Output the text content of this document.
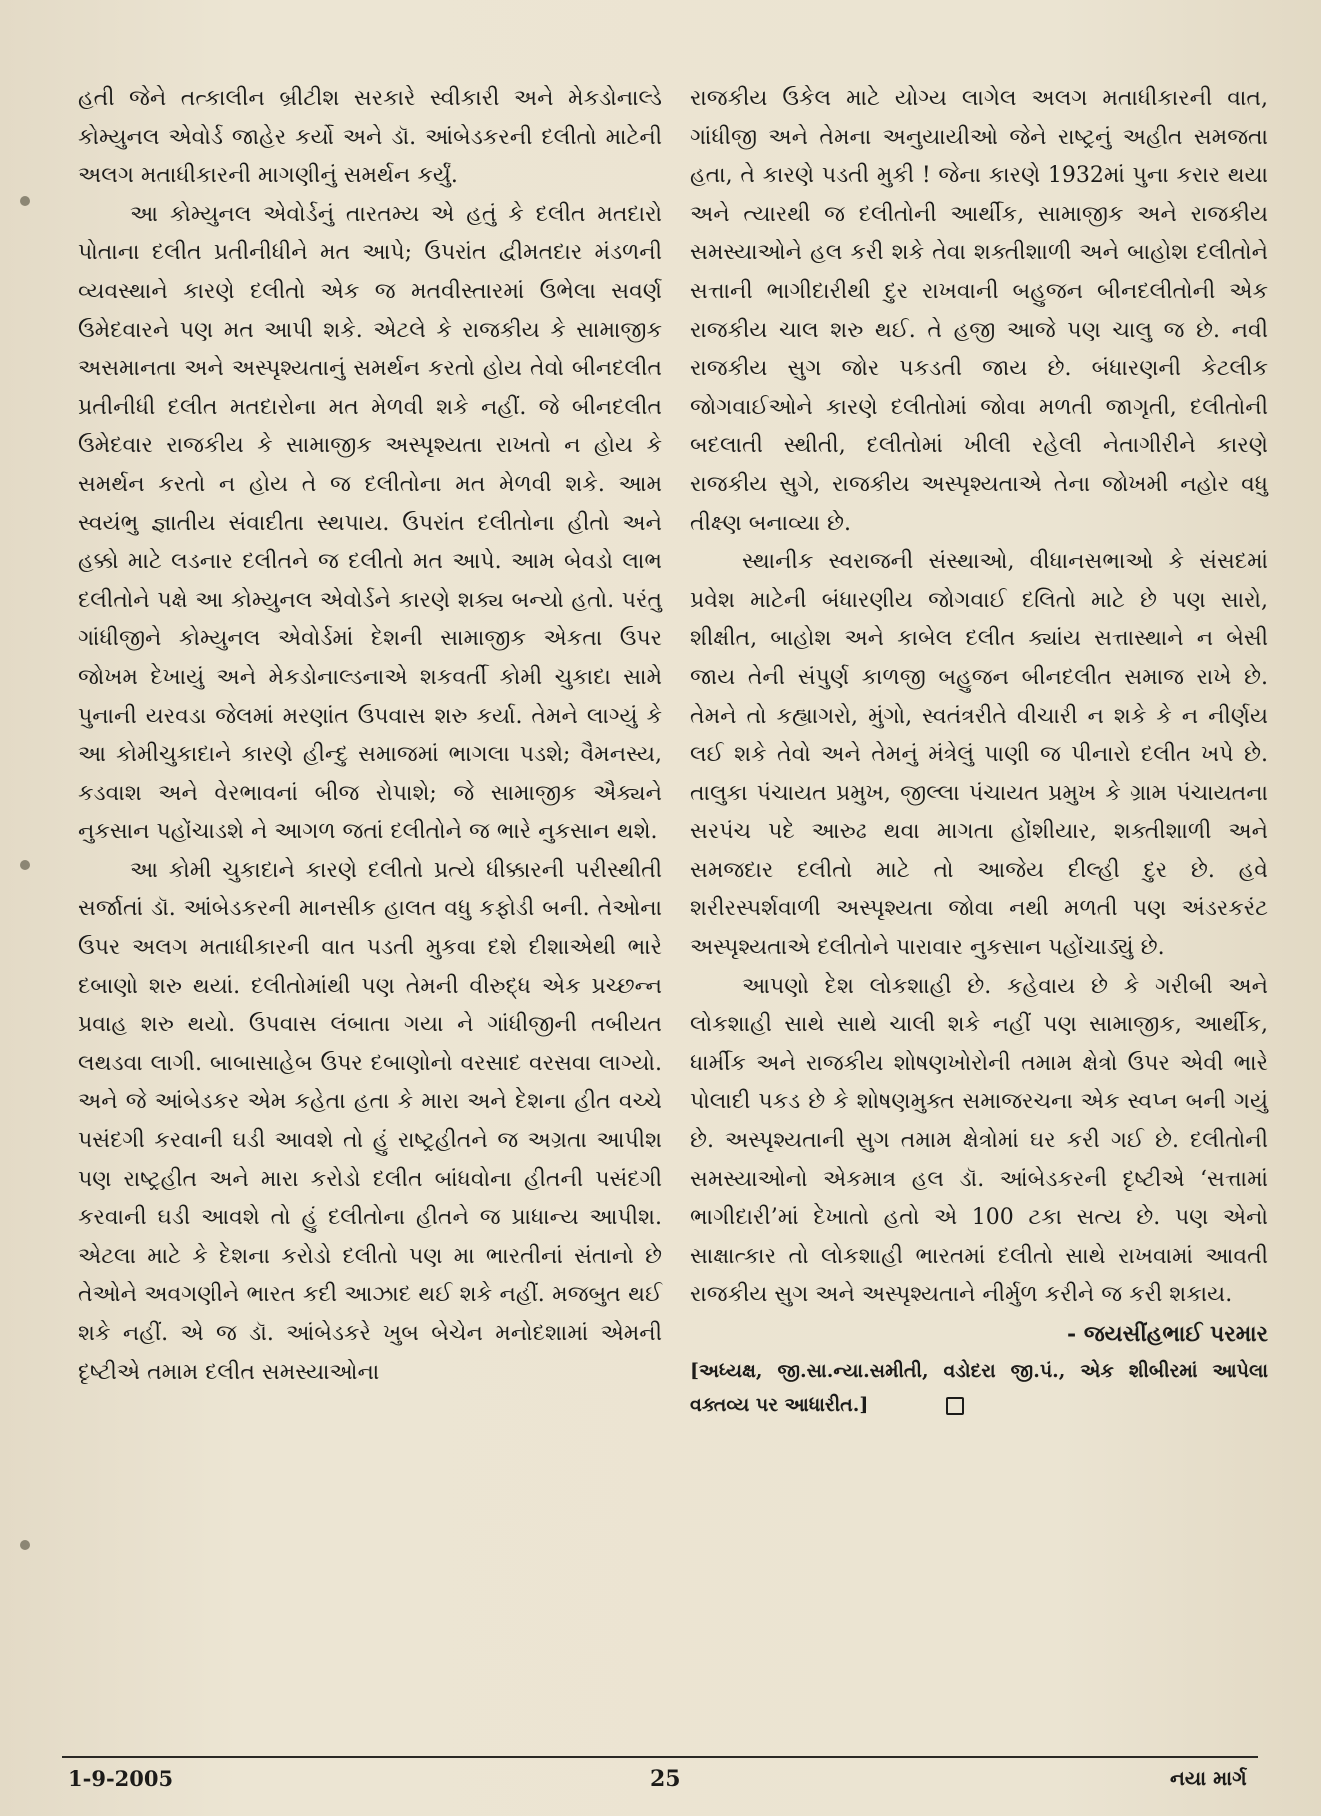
હતી જેને તત્કાલીન બ્રીટીશ સરકારે સ્વીકારી અને મેકડોનાલ્ડે કોમ્યુનલ એવોર્ડ જાહેર કર્યો અને ડૉ. આંબેડકરની દલીતો માટેની અલગ મતાધીકારની માગણીનું સમર્થન કર્યું.

આ કોમ્યુનલ એવોર્ડનું તારતમ્ય એ હતું કે દલીત મતદારો પોતાના દલીત પ્રતીનીધીને મત આપે; ઉપરાંત દ્વીમતદાર મંડળની વ્યવસ્થાને કારણે દલીતો એક જ મતવીસ્તારમાં ઉભેલા સવર્ણ ઉમેદવારને પણ મત આપી શકે. એટલે કે રાજકીય કે સામાજીક અસમાનતા અને અસ્પૃશ્યતાનું સમર્થન કરતો હોય તેવો બીનદલીત પ્રતીનીધી દલીત મતદારોના મત મેળવી શકે નહીં. જે બીનદલીત ઉમેદવાર રાજકીય કે સામાજીક અસ્પૃશ્યતા રાખતો ન હોય કે સમર્થન કરતો ન હોય તે જ દલીતોના મત મેળવી શકે. આમ સ્વયંભુ જ્ઞાતીય સંવાદીતા સ્થપાય. ઉપરાંત દલીતોના હીતો અને હક્કો માટે લડનાર દલીતને જ દલીતો મત આપે. આમ બેવડો લાભ દલીતોને પક્ષે આ કોમ્યુનલ એવોર્ડને કારણે શક્ય બન્યો હતો. પરંતુ ગાંધીજીને કોમ્યુનલ એવોર્ડમાં દેશની સામાજીક એકતા ઉપર જોખમ દેખાયું અને મેકડોનાલ્ડનાએ શકવર્તી કોમી ચુકાદા સામે પુનાની યરવડા જેલમાં મરણાંત ઉપવાસ શરુ કર્યા. તેમને લાગ્યું કે આ કોમીચુકાદાને કારણે હીન્દુ સમાજમાં ભાગલા પડશે; વૈમનસ્ય, કડવાશ અને વેરભાવનાં બીજ રોપાશે; જે સામાજીક ઐક્યને નુકસાન પહોંચાડશે ને આગળ જતાં દલીતોને જ ભારે નુકસાન થશે.

આ કોમી ચુકાદાને કારણે દલીતો પ્રત્યે ધીક્કારની પરીસ્થીતી સર્જાતાં ડૉ. આંબેડકરની માનસીક હાલત વધુ કફોડી બની. તેઓના ઉપર અલગ મતાધીકારની વાત પડતી મુકવા દશે દીશાએથી ભારે દબાણો શરુ થયાં. દલીતોમાંથી પણ તેમની વીરુદ્ધ એક પ્રચ્છન્ન પ્રવાહ શરુ થયો. ઉપવાસ લંબાતા ગયા ને ગાંધીજીની તબીયત લથડવા લાગી. બાબાસાહેબ ઉપર દબાણોનો વરસાદ વરસવા લાગ્યો. અને જે આંબેડકર એમ કહેતા હતા કે મારા અને દેશના હીત વચ્ચે પસંદગી કરવાની ઘડી આવશે તો હું રાષ્ટ્રહીતને જ અગ્રતા આપીશ પણ રાષ્ટ્રહીત અને મારા કરોડો દલીત બાંધવોના હીતની પસંદગી કરવાની ઘડી આવશે તો હું દલીતોના હીતને જ પ્રાધાન્ય આપીશ. એટલા માટે કે દેશના કરોડો દલીતો પણ મા ભારતીનાં સંતાનો છે તેઓને અવગણીને ભારત કદી આઝાદ થઈ શકે નહીં. મજબુત થઈ શકે નહીં. એ જ ડૉ. આંબેડકરે ખુબ બેચેન મનોદશામાં એમની દૃષ્ટીએ તમામ દલીત સમસ્યાઓના

રાજકીય ઉકેલ માટે યોગ્ય લાગેલ અલગ મતાધીકારની વાત, ગાંધીજી અને તેમના અનુયાયીઓ જેને રાષ્ટ્રનું અહીત સમજતા હતા, તે કારણે પડતી મુકી ! જેના કારણે 1932માં પુના કરાર થયા અને ત્યારથી જ દલીતોની આર્થીક, સામાજીક અને રાજકીય સમસ્યાઓને હલ કરી શકે તેવા શક્તીશાળી અને બાહોશ દલીતોને સત્તાની ભાગીદારીથી દુર રાખવાની બહુજન બીનદલીતોની એક રાજકીય ચાલ શરુ થઈ. તે હજી આજે પણ ચાલુ જ છે. નવી રાજકીય સુગ જોર પકડતી જાય છે. બંધારણની કેટલીક જોગવાઈઓને કારણે દલીતોમાં જોવા મળતી જાગૃતી, દલીતોની બદલાતી સ્થીતી, દલીતોમાં ખીલી રહેલી નેતાગીરીને કારણે રાજકીય સુગે, રાજકીય અસ્પૃશ્યતાએ તેના જોખમી નહોર વધુ તીક્ષ્ણ બનાવ્યા છે.

સ્થાનીક સ્વરાજની સંસ્થાઓ, વીધાનસભાઓ કે સંસદમાં પ્રવેશ માટેની બંધારણીય જોગવાઈ દલિતો માટે છે પણ સારો, શીક્ષીત, બાહોશ અને કાબેલ દલીત ક્યાંય સત્તાસ્થાને ન બેસી જાય તેની સંપુર્ણ કાળજી બહુજન બીનદલીત સમાજ રાખે છે. તેમને તો કહ્યાગરો, મુંગો, સ્વતંત્રરીતે વીચારી ન શકે કે ન નીર્ણય લઈ શકે તેવો અને તેમનું મંત્રેલું પાણી જ પીનારો દલીત ખપે છે. તાલુકા પંચાયત પ્રમુખ, જીલ્લા પંચાયત પ્રમુખ કે ગ્રામ પંચાયતના સરપંચ પદે આરુઢ થવા માગતા હોંશીયાર, શક્તીશાળી અને સમજદાર દલીતો માટે તો આજેય દીલ્હી દુર છે. હવે શરીરસ્પર્શવાળી અસ્પૃશ્યતા જોવા નથી મળતી પણ અંડરકરંટ અસ્પૃશ્યતાએ દલીતોને પારાવાર નુકસાન પહોંચાડ્યું છે.

આપણો દેશ લોકશાહી છે. કહેવાય છે કે ગરીબી અને લોકશાહી સાથે સાથે ચાલી શકે નહીં પણ સામાજીક, આર્થીક, ધાર્મીક અને રાજકીય શોષણખોરોની તમામ ક્ષેત્રો ઉપર એવી ભારે પોલાદી પકડ છે કે શોષણમુક્ત સમાજરચના એક સ્વપ્ન બની ગયું છે. અસ્પૃશ્યતાની સુગ તમામ ક્ષેત્રોમાં ઘર કરી ગઈ છે. દલીતોની સમસ્યાઓનો એકમાત્ર હલ ડૉ. આંબેડકરની દૃષ્ટીએ ‘સત્તામાં ભાગીદારી’માં દેખાતો હતો એ 100 ટકા સત્ય છે. પણ એનો સાક્ષાત્કાર તો લોકશાહી ભારતમાં દલીતો સાથે રાખવામાં આવતી રાજકીય સુગ અને અસ્પૃશ્યતાને નીર્મુળ કરીને જ કરી શકાય.

- જયસીંહભાઈ પરમાર

[અધ્યક્ષ, જી.સા.ન્યા.સમીતી, વડોદરા જી.પં., એક શીબીરમાં આપેલા વક્તવ્ય પર આધારીત.]

1-9-2005	25	નયા માર્ગ
